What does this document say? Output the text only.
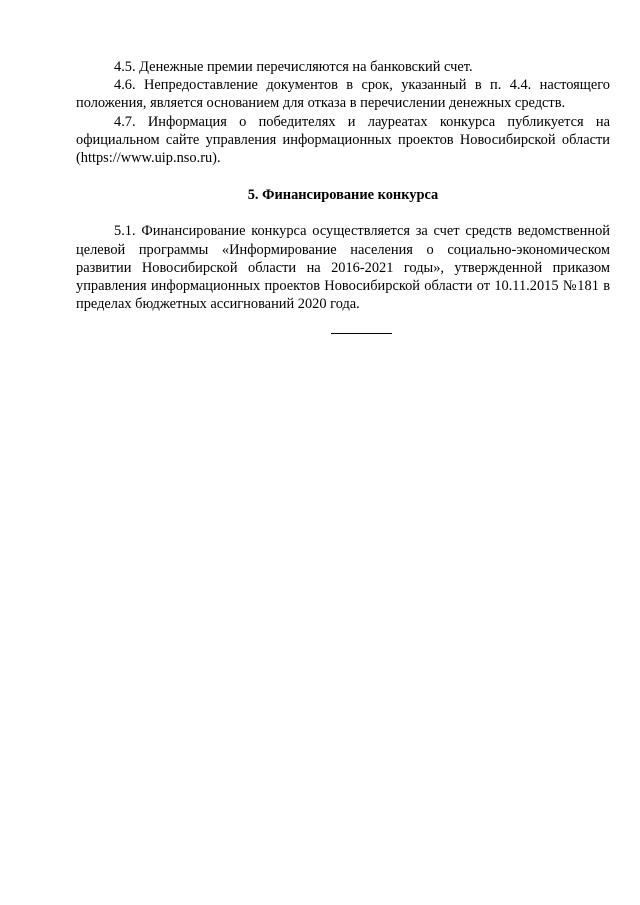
4.5. Денежные премии перечисляются на банковский счет.

4.6. Непредоставление документов в срок, указанный в п. 4.4. настоящего положения, является основанием для отказа в перечислении денежных средств.

4.7. Информация о победителях и лауреатах конкурса публикуется на официальном сайте управления информационных проектов Новосибирской области (https://www.uip.nso.ru).

5. Финансирование конкурса

5.1. Финансирование конкурса осуществляется за счет средств ведомственной целевой программы «Информирование населения о социально-экономическом развитии Новосибирской области на 2016-2021 годы», утвержденной приказом управления информационных проектов Новосибирской области от 10.11.2015 №181 в пределах бюджетных ассигнований 2020 года.
